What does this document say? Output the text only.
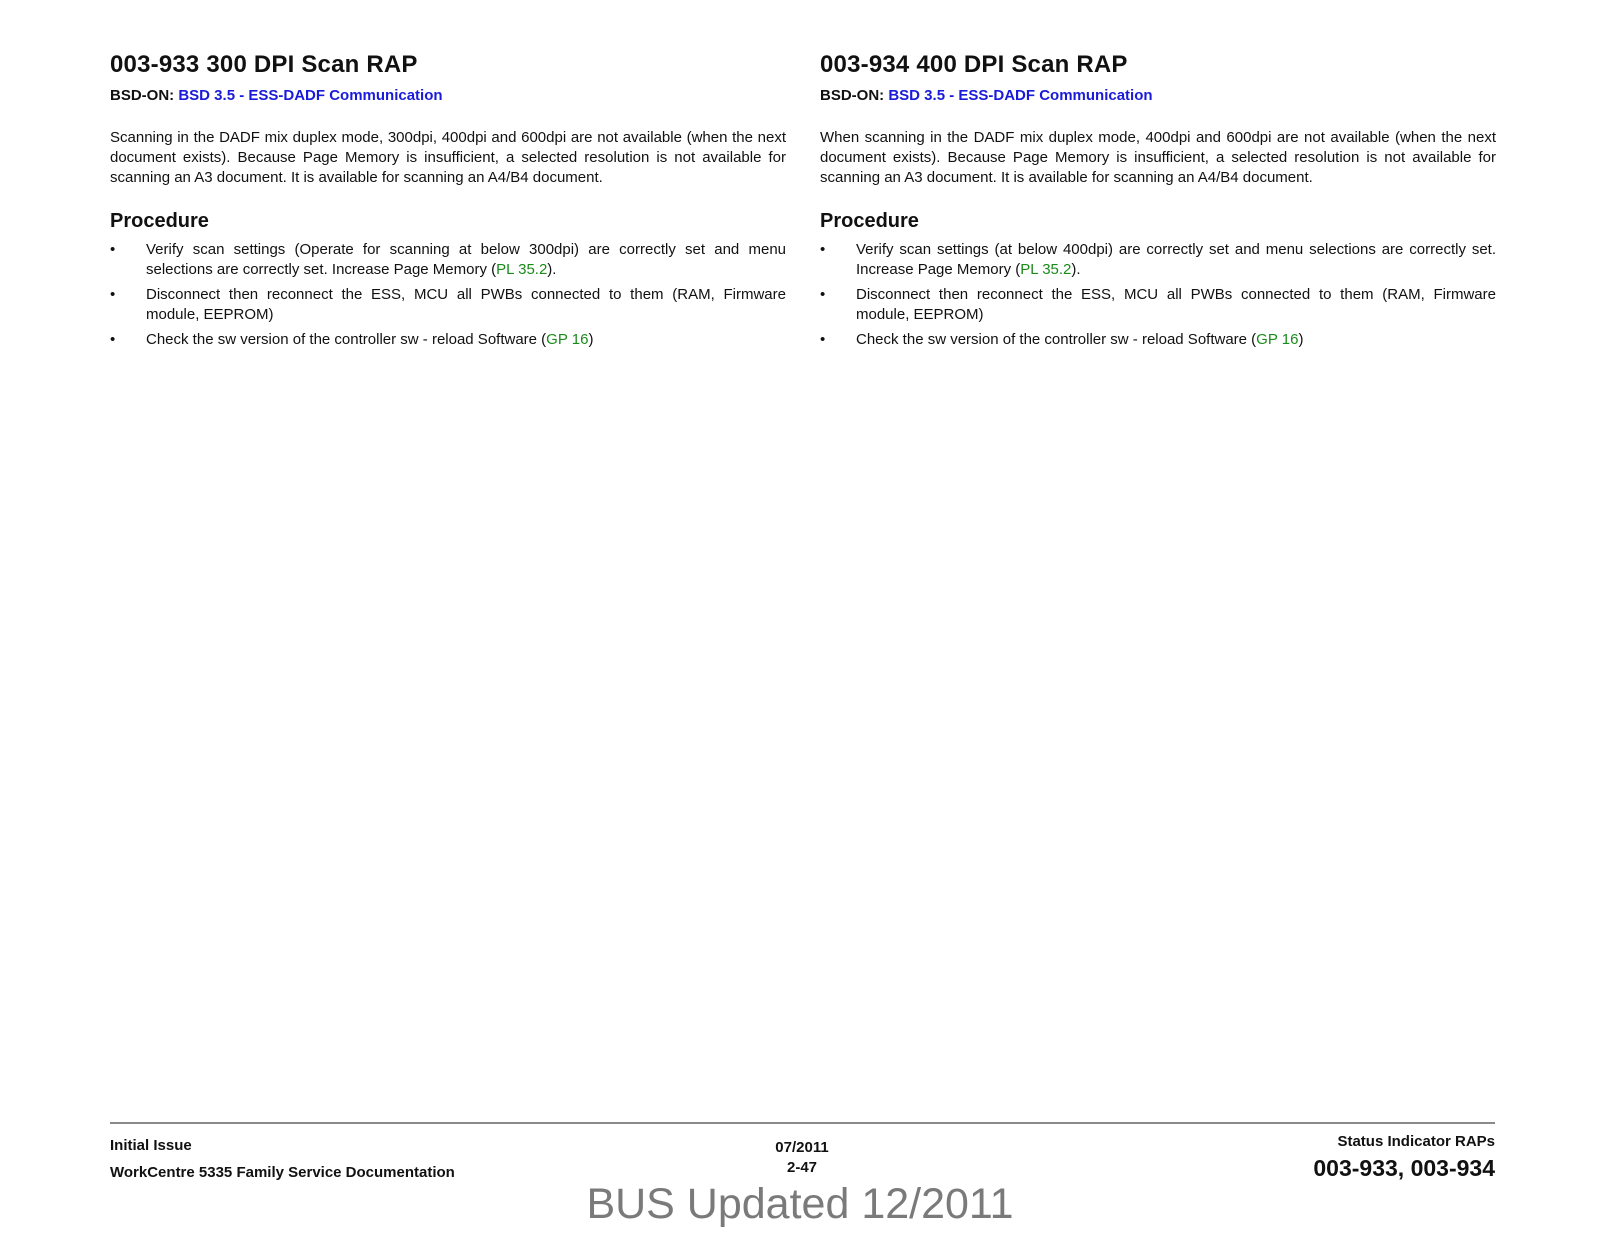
003-933 300 DPI Scan RAP
BSD-ON: BSD 3.5 - ESS-DADF Communication
Scanning in the DADF mix duplex mode, 300dpi, 400dpi and 600dpi are not available (when the next document exists). Because Page Memory is insufficient, a selected resolution is not available for scanning an A3 document. It is available for scanning an A4/B4 document.
Procedure
• Verify scan settings (Operate for scanning at below 300dpi) are correctly set and menu selections are correctly set. Increase Page Memory (PL 35.2).
• Disconnect then reconnect the ESS, MCU all PWBs connected to them (RAM, Firmware module, EEPROM)
• Check the sw version of the controller sw - reload Software (GP 16)
003-934 400 DPI Scan RAP
BSD-ON: BSD 3.5 - ESS-DADF Communication
When scanning in the DADF mix duplex mode, 400dpi and 600dpi are not available (when the next document exists). Because Page Memory is insufficient, a selected resolution is not available for scanning an A3 document. It is available for scanning an A4/B4 document.
Procedure
• Verify scan settings (at below 400dpi) are correctly set and menu selections are correctly set. Increase Page Memory (PL 35.2).
• Disconnect then reconnect the ESS, MCU all PWBs connected to them (RAM, Firmware module, EEPROM)
• Check the sw version of the controller sw - reload Software (GP 16)
Initial Issue
WorkCentre 5335 Family Service Documentation
07/2011
2-47
Status Indicator RAPs
003-933, 003-934
BUS Updated 12/2011
